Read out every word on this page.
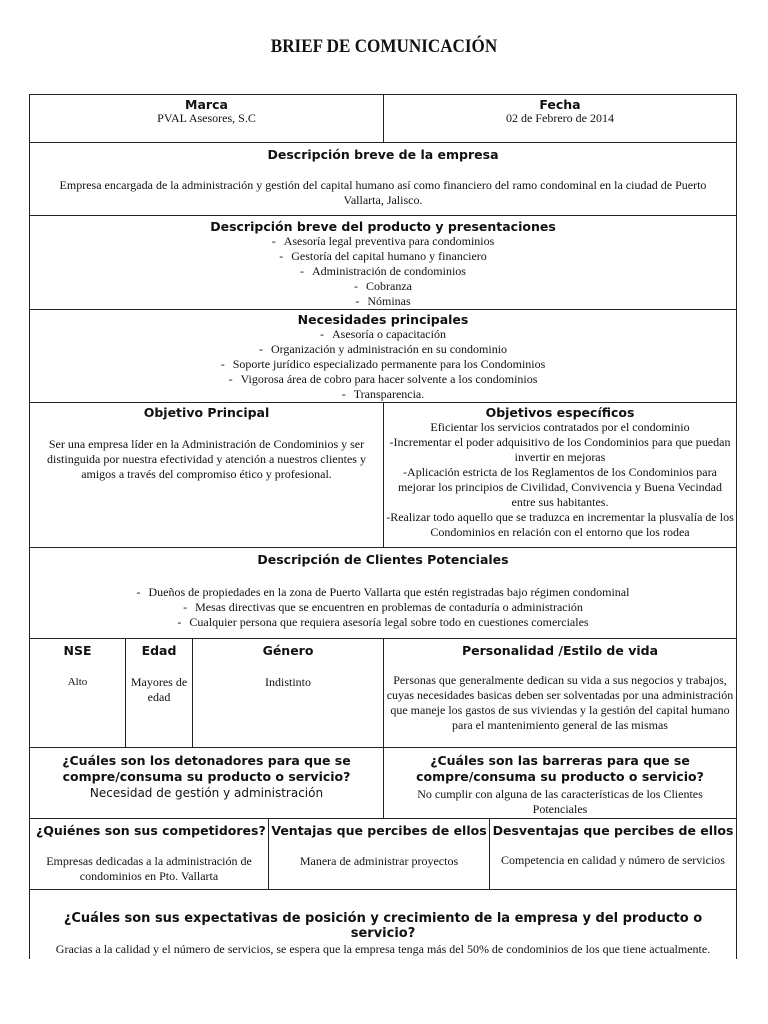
BRIEF DE COMUNICACIÓN
Marca
PVAL Asesores, S.C
Fecha
02 de Febrero de 2014
Descripción breve de la empresa
Empresa encargada de la administración y gestión del capital humano así como financiero del ramo condominal en la ciudad de Puerto Vallarta, Jalisco.
Descripción breve del producto y presentaciones
- Asesoría legal preventiva para condominios
- Gestoría del capital humano y financiero
- Administración de condominios
- Cobranza
- Nóminas
Necesidades principales
- Asesoría o capacitación
- Organización y administración en su condominio
- Soporte jurídico especializado permanente para los Condominios
- Vigorosa área de cobro para hacer solvente a los condominios
- Transparencia.
Objetivo Principal
Ser una empresa líder en la Administración de Condominios y ser distinguida por nuestra efectividad y atención a nuestros clientes y amigos a través del compromiso ético y profesional.
Objetivos específicos
Eficientar los servicios contratados por el condominio
-Incrementar el poder adquisitivo de los Condominios para que puedan invertir en mejoras
-Aplicación estricta de los Reglamentos de los Condominios para mejorar los principios de Civilidad, Convivencia y Buena Vecindad entre sus habitantes.
-Realizar todo aquello que se traduzca en incrementar la plusvalía de los Condominios en relación con el entorno que los rodea
Descripción de Clientes Potenciales
- Dueños de propiedades en la zona de Puerto Vallarta que estén registradas bajo régimen condominal
- Mesas directivas que se encuentren en problemas de contaduría o administración
- Cualquier persona que requiera asesoría legal sobre todo en cuestiones comerciales
NSE
Alto
Edad
Mayores de edad
Género
Indistinto
Personalidad /Estilo de vida
Personas que generalmente dedican su vida a sus negocios y trabajos, cuyas necesidades basicas deben ser solventadas por una administración que maneje los gastos de sus viviendas y la gestión del capital humano para el mantenimiento general de las mismas
¿Cuáles son los detonadores para que se compre/consuma su producto o servicio?
Necesidad de gestión y administración
¿Cuáles son las barreras para que se compre/consuma su producto o servicio?
No cumplir con alguna de las características de los Clientes Potenciales
¿Quiénes son sus competidores?
Empresas dedicadas a la administración de condominios en Pto. Vallarta
Ventajas que percibes de ellos
Manera de administrar proyectos
Desventajas que percibes de ellos
Competencia en calidad y número de servicios
¿Cuáles son sus expectativas de posición y crecimiento de la empresa y del producto o servicio?
Gracias a la calidad y el número de servicios, se espera que la empresa tenga más del 50% de condominios de los que tiene actualmente.
